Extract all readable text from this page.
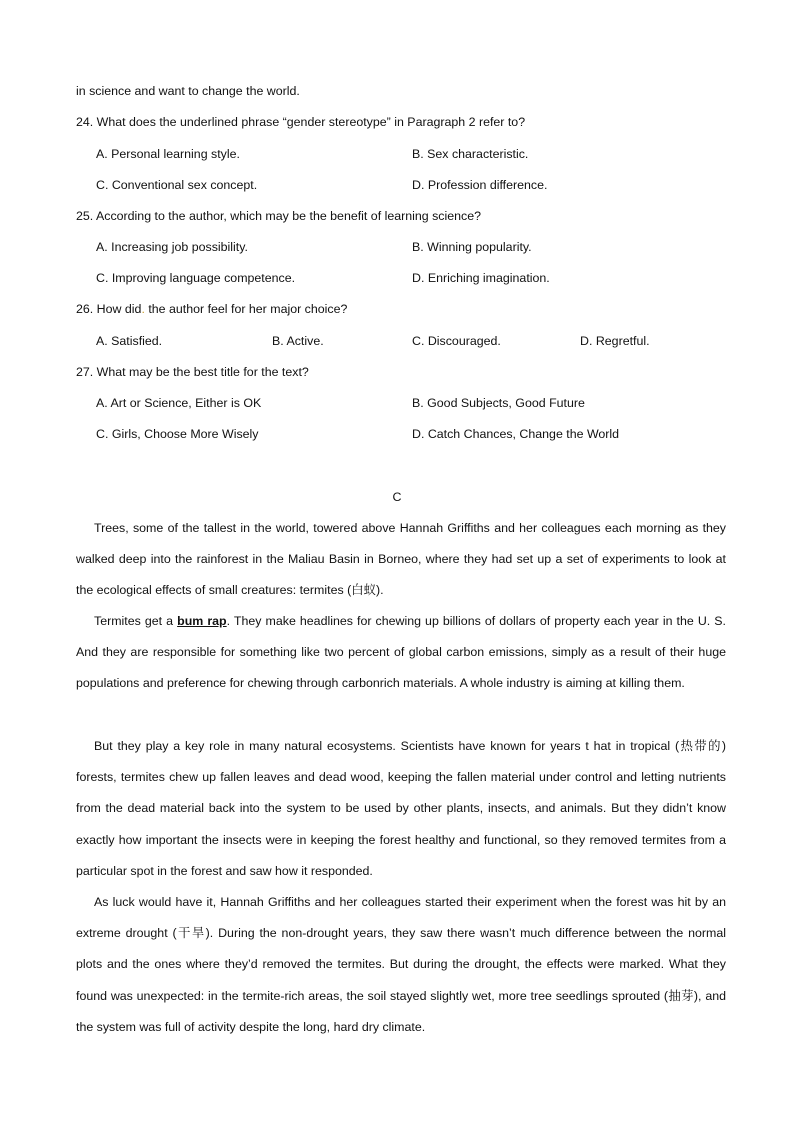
in science and want to change the world.
24. What does the underlined phrase “gender stereotype” in Paragraph 2 refer to?
A. Personal learning style.	B. Sex characteristic.
C. Conventional sex concept.	D. Profession difference.
25. According to the author, which may be the benefit of learning science?
A. Increasing job possibility.	B. Winning popularity.
C. Improving language competence.	D. Enriching imagination.
26. How did. the author feel for her major choice?
A. Satisfied.	B. Active.	C. Discouraged.	D. Regretful.
27. What may be the best title for the text?
A. Art or Science, Either is OK	B. Good Subjects, Good Future
C. Girls, Choose More Wisely	D. Catch Chances, Change the World
C
Trees, some of the tallest in the world, towered above Hannah Griffiths and her colleagues each morning as they walked deep into the rainforest in the Maliau Basin in Borneo, where they had set up a set of experiments to look at the ecological effects of small creatures: termites (白蚁).
Termites get a bum rap. They make headlines for chewing up billions of dollars of property each year in the U. S. And they are responsible for something like two percent of global carbon emissions, simply as a result of their huge populations and preference for chewing through carbonrich materials. A whole industry is aiming at killing them.
But they play a key role in many natural ecosystems. Scientists have known for years t hat in tropical (热带的) forests, termites chew up fallen leaves and dead wood, keeping the fallen material under control and letting nutrients from the dead material back into the system to be used by other plants, insects, and animals. But they didn’t know exactly how important the insects were in keeping the forest healthy and functional, so they removed termites from a particular spot in the forest and saw how it responded.
As luck would have it, Hannah Griffiths and her colleagues started their experiment when the forest was hit by an extreme drought (干旱). During the non-drought years, they saw there wasn’t much difference between the normal plots and the ones where they’d removed the termites. But during the drought, the effects were marked. What they found was unexpected: in the termite-rich areas, the soil stayed slightly wet, more tree seedlings sprouted (抽芽), and the system was full of activity despite the long, hard dry climate.
